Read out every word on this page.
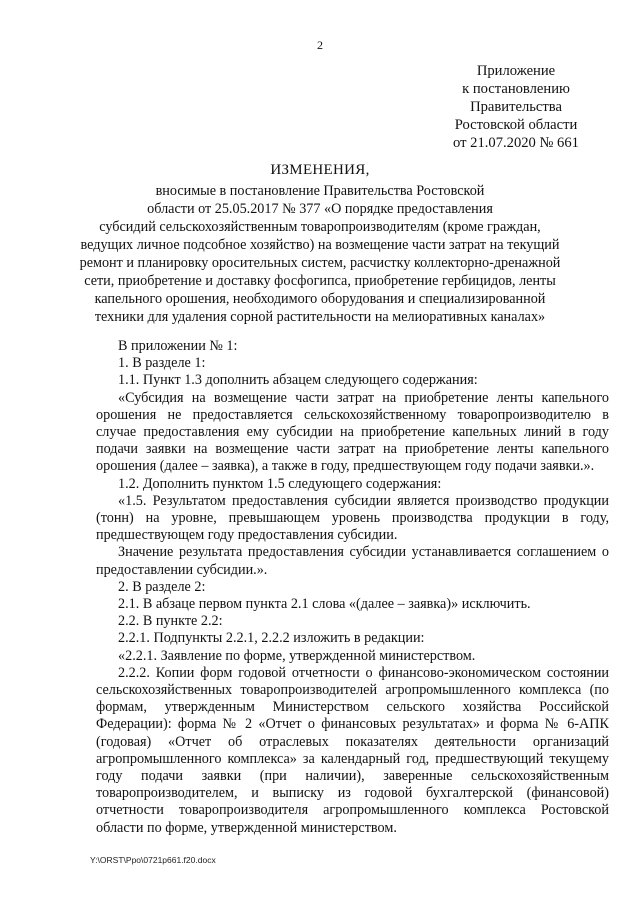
2
Приложение
к постановлению
Правительства
Ростовской области
от 21.07.2020 № 661
ИЗМЕНЕНИЯ,
вносимые в постановление Правительства Ростовской
области от 25.05.2017 № 377 «О порядке предоставления
субсидий сельскохозяйственным товаропроизводителям (кроме граждан,
ведущих личное подсобное хозяйство) на возмещение части затрат на текущий
ремонт и планировку оросительных систем, расчистку коллекторно-дренажной
сети, приобретение и доставку фосфогипса, приобретение гербицидов, ленты
капельного орошения, необходимого оборудования и специализированной
техники для удаления сорной растительности на мелиоративных каналах»

В приложении № 1:

1. В разделе 1:

1.1. Пункт 1.3 дополнить абзацем следующего содержания:

«Субсидия на возмещение части затрат на приобретение ленты капельного орошения не предоставляется сельскохозяйственному товаропроизводителю в случае предоставления ему субсидии на приобретение капельных линий в году подачи заявки на возмещение части затрат на приобретение ленты капельного орошения (далее – заявка), а также в году, предшествующем году подачи заявки.».

1.2. Дополнить пунктом 1.5 следующего содержания:

«1.5. Результатом предоставления субсидии является производство продукции (тонн) на уровне, превышающем уровень производства продукции в году, предшествующем году предоставления субсидии.

Значение результата предоставления субсидии устанавливается соглашением о предоставлении субсидии.».

2. В разделе 2:

2.1. В абзаце первом пункта 2.1 слова «(далее – заявка)» исключить.

2.2. В пункте 2.2:

2.2.1. Подпункты 2.2.1, 2.2.2 изложить в редакции:

«2.2.1. Заявление по форме, утвержденной министерством.

2.2.2. Копии форм годовой отчетности о финансово-экономическом состоянии сельскохозяйственных товаропроизводителей агропромышленного комплекса (по формам, утвержденным Министерством сельского хозяйства Российской Федерации): форма № 2 «Отчет о финансовых результатах» и форма № 6-АПК (годовая) «Отчет об отраслевых показателях деятельности организаций агропромышленного комплекса» за календарный год, предшествующий текущему году подачи заявки (при наличии), заверенные сельскохозяйственным товаропроизводителем, и выписку из годовой бухгалтерской (финансовой) отчетности товаропроизводителя агропромышленного комплекса Ростовской области по форме, утвержденной министерством.

Y:\ORST\Ppo\0721p661.f20.docx
